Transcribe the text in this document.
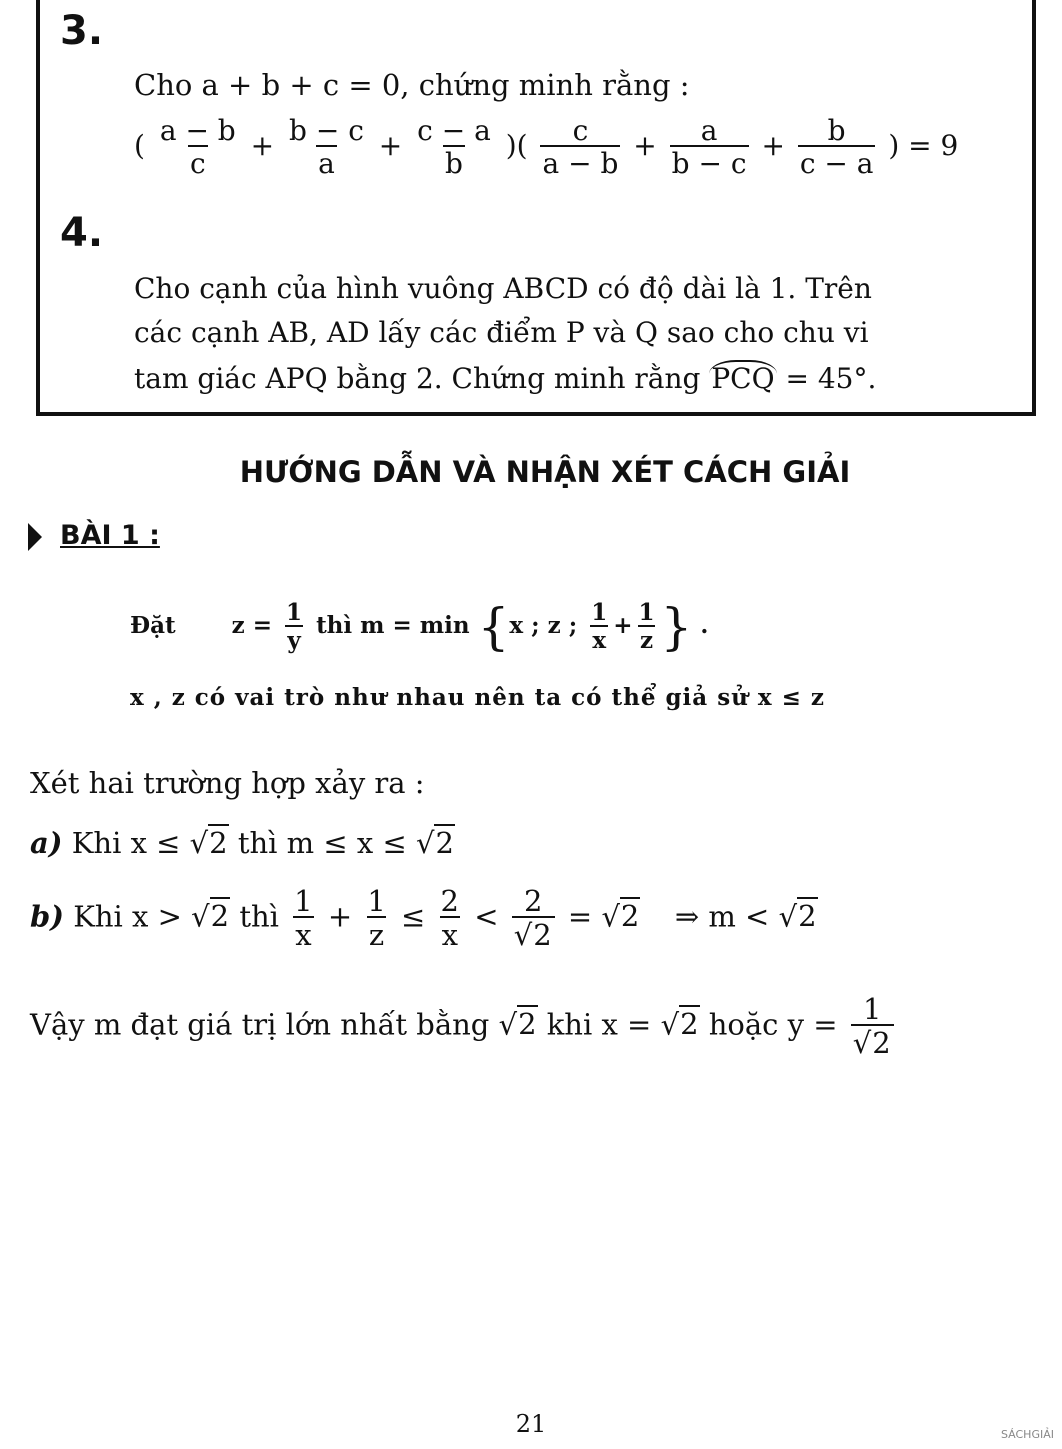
3.
Cho a + b + c = 0, chứng minh rằng :
( $\frac{a - b}{c} + \frac{b - c}{a} + \frac{c - a}{b}$ )( $\frac{c}{a - b} + \frac{a}{b - c} + \frac{b}{c - a}$ ) = 9
4.
Cho cạnh của hình vuông ABCD có độ dài là 1. Trên
các cạnh AB, AD lấy các điểm P và Q sao cho chu vi
tam giác APQ bằng 2. Chứng minh rằng PCQ = 45°.
HƯỚNG DẪN VÀ NHẬN XÉT CÁCH GIẢI
BÀI 1 :
Đặt $z = \frac{1}{y}$ thì m = min {x ; z ; $\frac{1}{x} + \frac{1}{z}$ } .
x , z có vai trò như nhau nên ta có thể giả sử x ≤ z
Xét hai trường hợp xảy ra :
a) Khi x ≤ √2 thì m ≤ x ≤ √2
b) Khi x > √2 thì $\frac{1}{x} + \frac{1}{z} \le \frac{2}{x} < \frac{2}{√2} = √2$ ⇒ m < √2
Vậy m đạt giá trị lớn nhất bằng √2 khi x = √2 hoặc $y = \frac{1}{√2}$
21	SÁCHGIẢI
